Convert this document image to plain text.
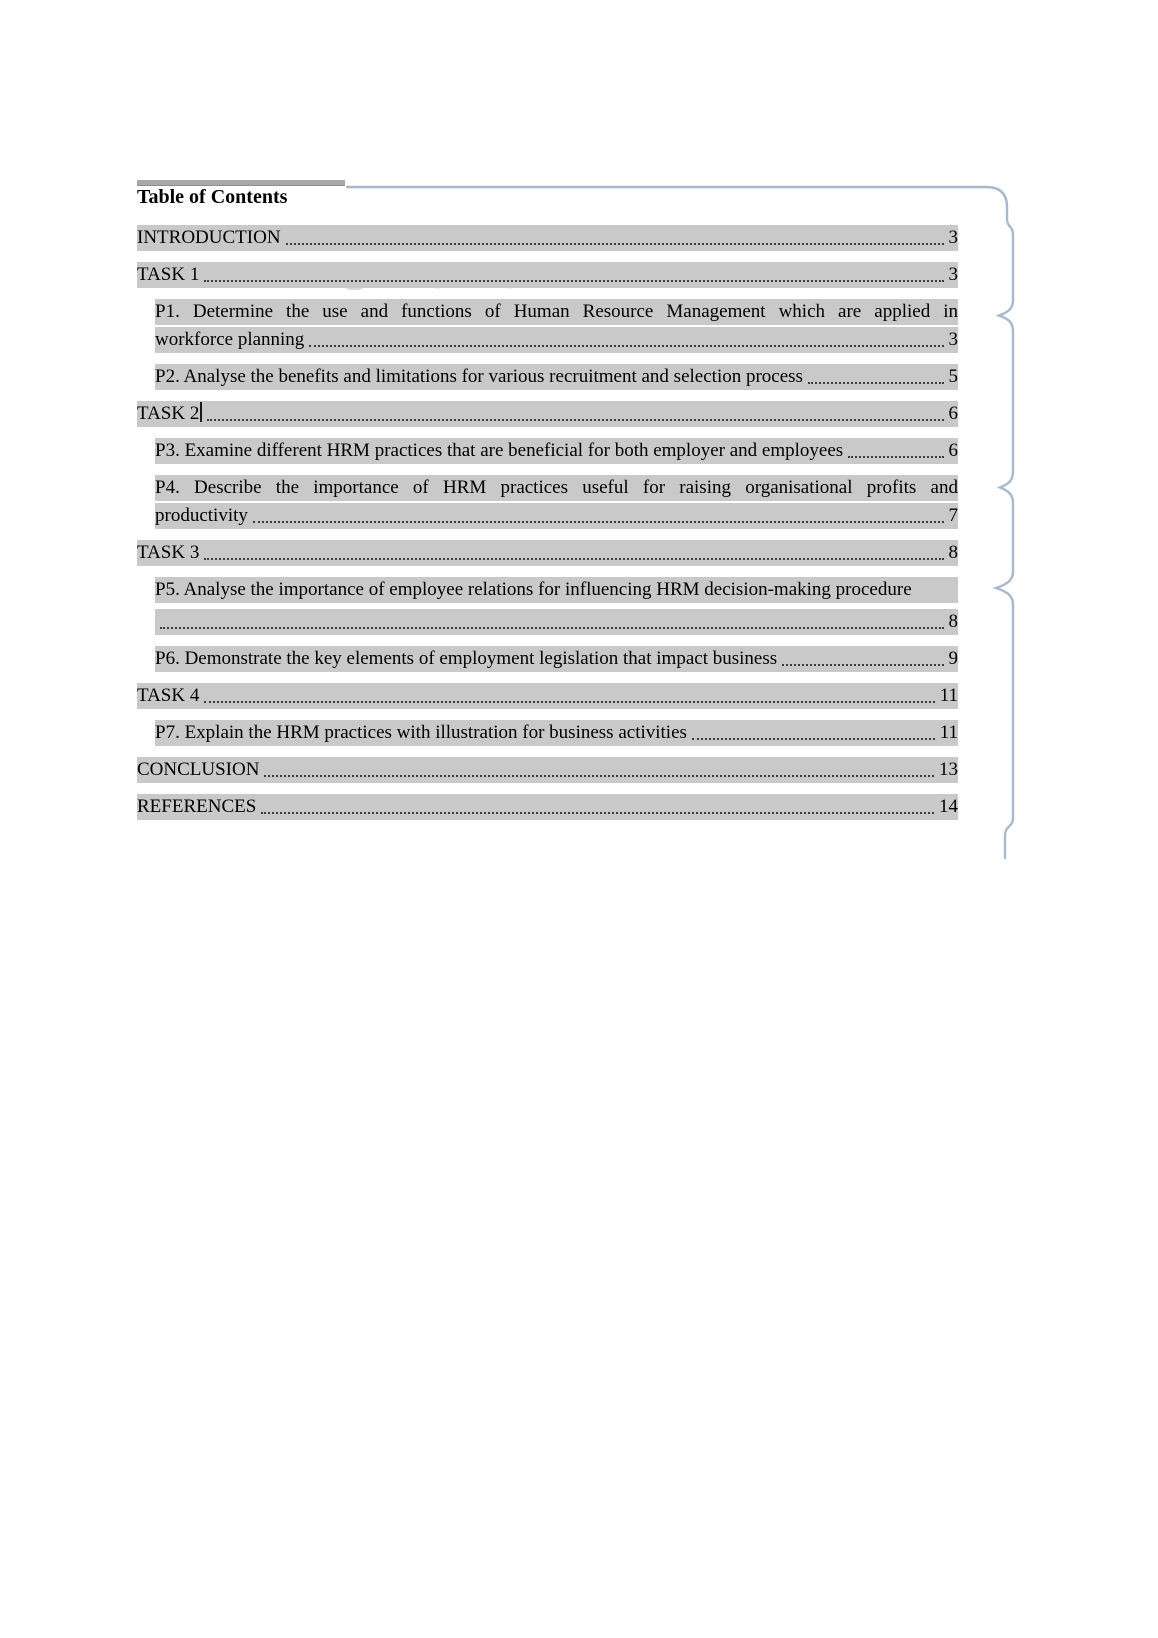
Table of Contents
INTRODUCTION	3
TASK 1	3
P1. Determine the use and functions of Human Resource Management which are applied in
workforce planning	3
P2. Analyse the benefits and limitations for various recruitment and selection process	5
TASK 2	6
P3. Examine different HRM practices that are beneficial for both employer and employees	6
P4. Describe the importance of HRM practices useful for raising organisational profits and
productivity	7
TASK 3	8
P5. Analyse the importance of employee relations for influencing HRM decision-making procedure
8
P6. Demonstrate the key elements of employment legislation that impact business	9
TASK 4	11
P7. Explain the HRM practices with illustration for business activities	11
CONCLUSION	13
REFERENCES	14
